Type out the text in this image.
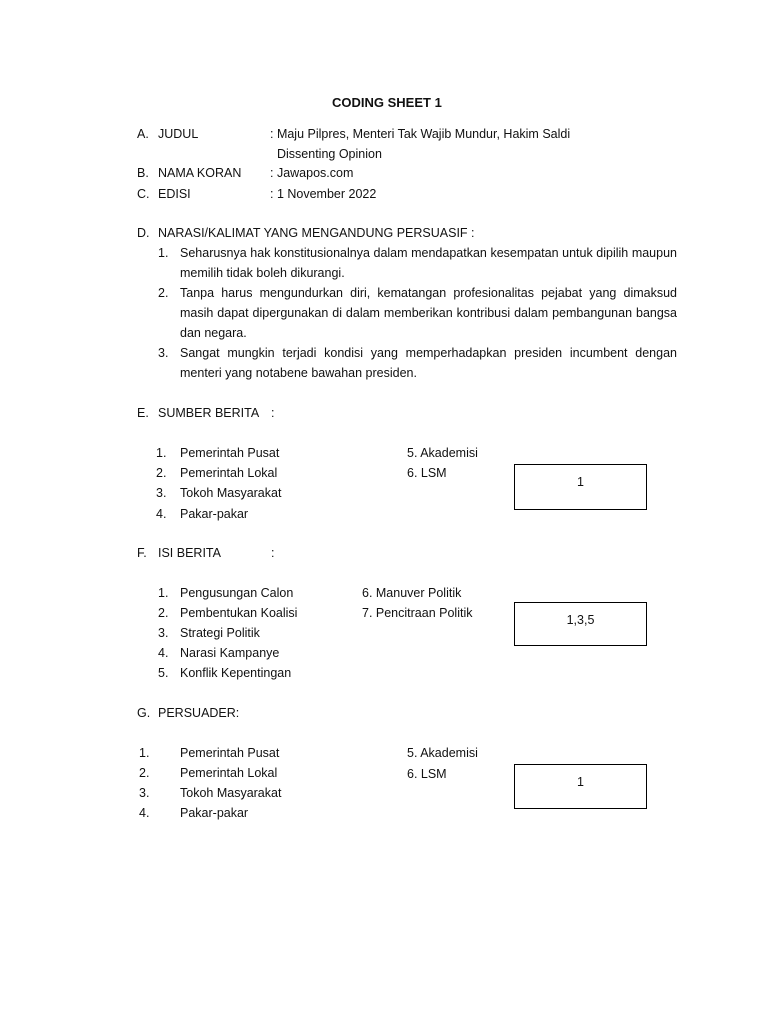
CODING SHEET 1
A. JUDUL	: Maju Pilpres, Menteri Tak Wajib Mundur, Hakim Saldi
Dissenting Opinion
B. NAMA KORAN : Jawapos.com
C. EDISI	: 1 November 2022
D. NARASI/KALIMAT YANG MENGANDUNG PERSUASIF :
1. Seharusnya hak konstitusionalnya dalam mendapatkan kesempatan untuk dipilih maupun memilih tidak boleh dikurangi.
2. Tanpa harus mengundurkan diri, kematangan profesionalitas pejabat yang dimaksud masih dapat dipergunakan di dalam memberikan kontribusi dalam pembangunan bangsa dan negara.
3. Sangat mungkin terjadi kondisi yang memperhadapkan presiden incumbent dengan menteri yang notabene bawahan presiden.
E. SUMBER BERITA :
1. Pemerintah Pusat
2. Pemerintah Lokal
3. Tokoh Masyarakat
4. Pakar-pakar
5. Akademisi
6. LSM
1
F. ISI BERITA	:
1. Pengusungan Calon
2. Pembentukan Koalisi
3. Strategi Politik
4. Narasi Kampanye
5. Konflik Kepentingan
6. Manuver Politik
7. Pencitraan Politik	1,3,5
G. PERSUADER:
1. Pemerintah Pusat
2. Pemerintah Lokal
3. Tokoh Masyarakat
4. Pakar-pakar
5. Akademisi
6. LSM
1
